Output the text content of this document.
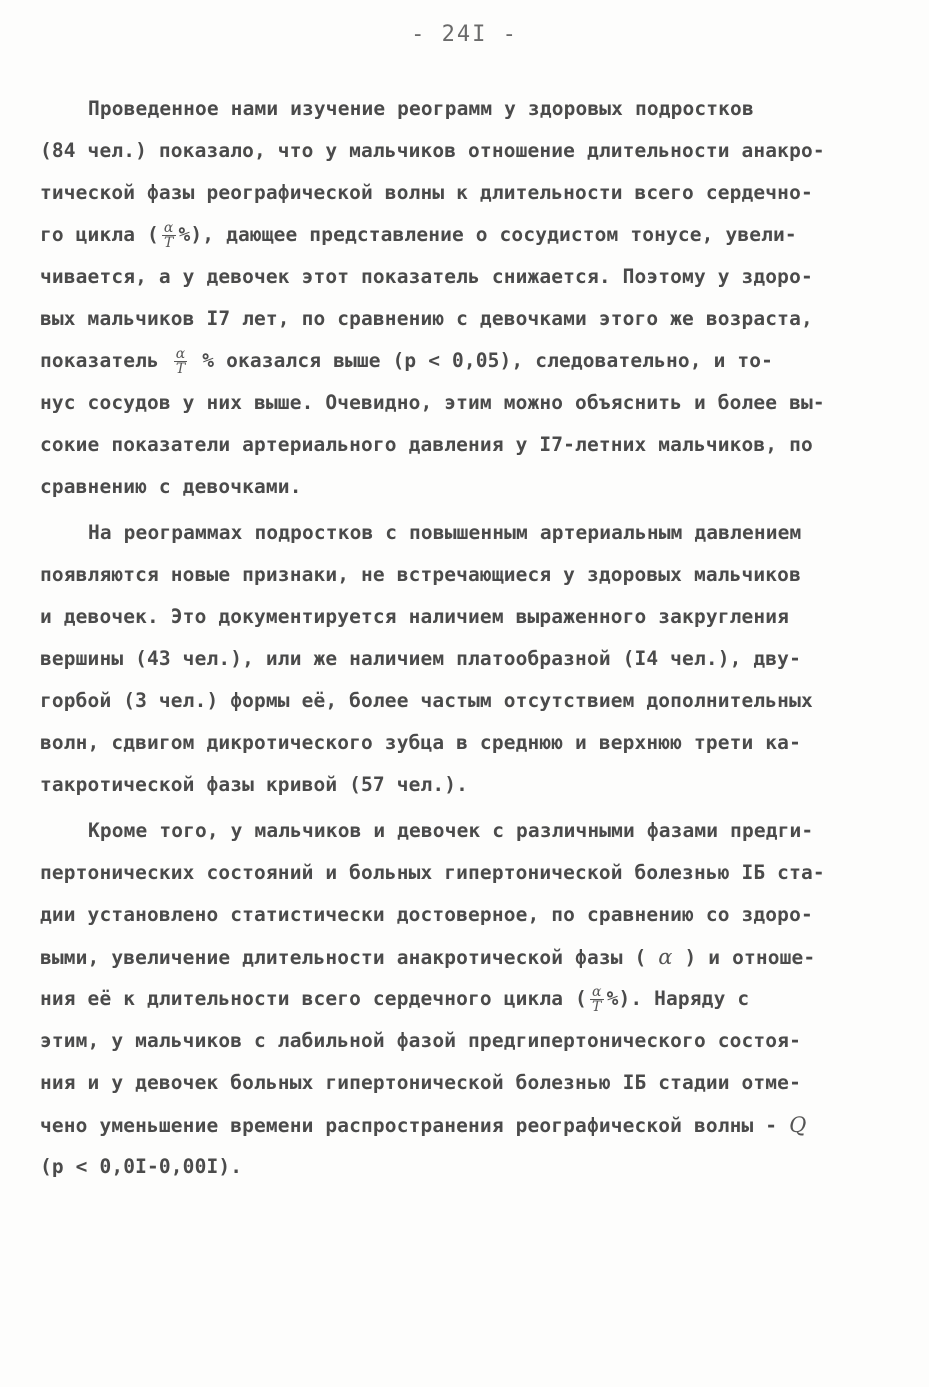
- 24I -
Проведенное нами изучение реограмм у здоровых подростков
(84 чел.) показало, что у мальчиков отношение длительности анакро-
тической фазы реографической волны к длительности всего сердечно-
го цикла ( $\frac{\alpha}{T}$ %), дающее представление о сосудистом тонусе, увели-
чивается, а у девочек этот показатель снижается. Поэтому у здоро-
вых мальчиков I7 лет, по сравнению с девочками этого же возраста,
показатель $\frac{\alpha}{T}$ % оказался выше (p < 0,05), следовательно, и то-
нус сосудов у них выше. Очевидно, этим можно объяснить и более вы-
сокие показатели артериального давления у I7-летних мальчиков, по
сравнению с девочками.
На реограммах подростков с повышенным артериальным давлением
появляются новые признаки, не встречающиеся у здоровых мальчиков
и девочек. Это документируется наличием выраженного закругления
вершины (43 чел.), или же наличием платообразной (I4 чел.), дву-
горбой (3 чел.) формы её, более частым отсутствием дополнительных
волн, сдвигом дикротического зубца в среднюю и верхнюю трети ка-
такротической фазы кривой (57 чел.).
Кроме того, у мальчиков и девочек с различными фазами предги-
пертонических состояний и больных гипертонической болезнью IБ ста-
дии установлено статистически достоверное, по сравнению со здоро-
выми, увеличение длительности анакротической фазы ( α ) и отноше-
ния её к длительности всего сердечного цикла ( $\frac{\alpha}{T}$ %). Наряду с
этим, у мальчиков с лабильной фазой предгипертонического состоя-
ния и у девочек больных гипертонической болезнью IБ стадии отме-
чено уменьшение времени распространения реографической волны - Q
(p < 0,0I-0,00I).
